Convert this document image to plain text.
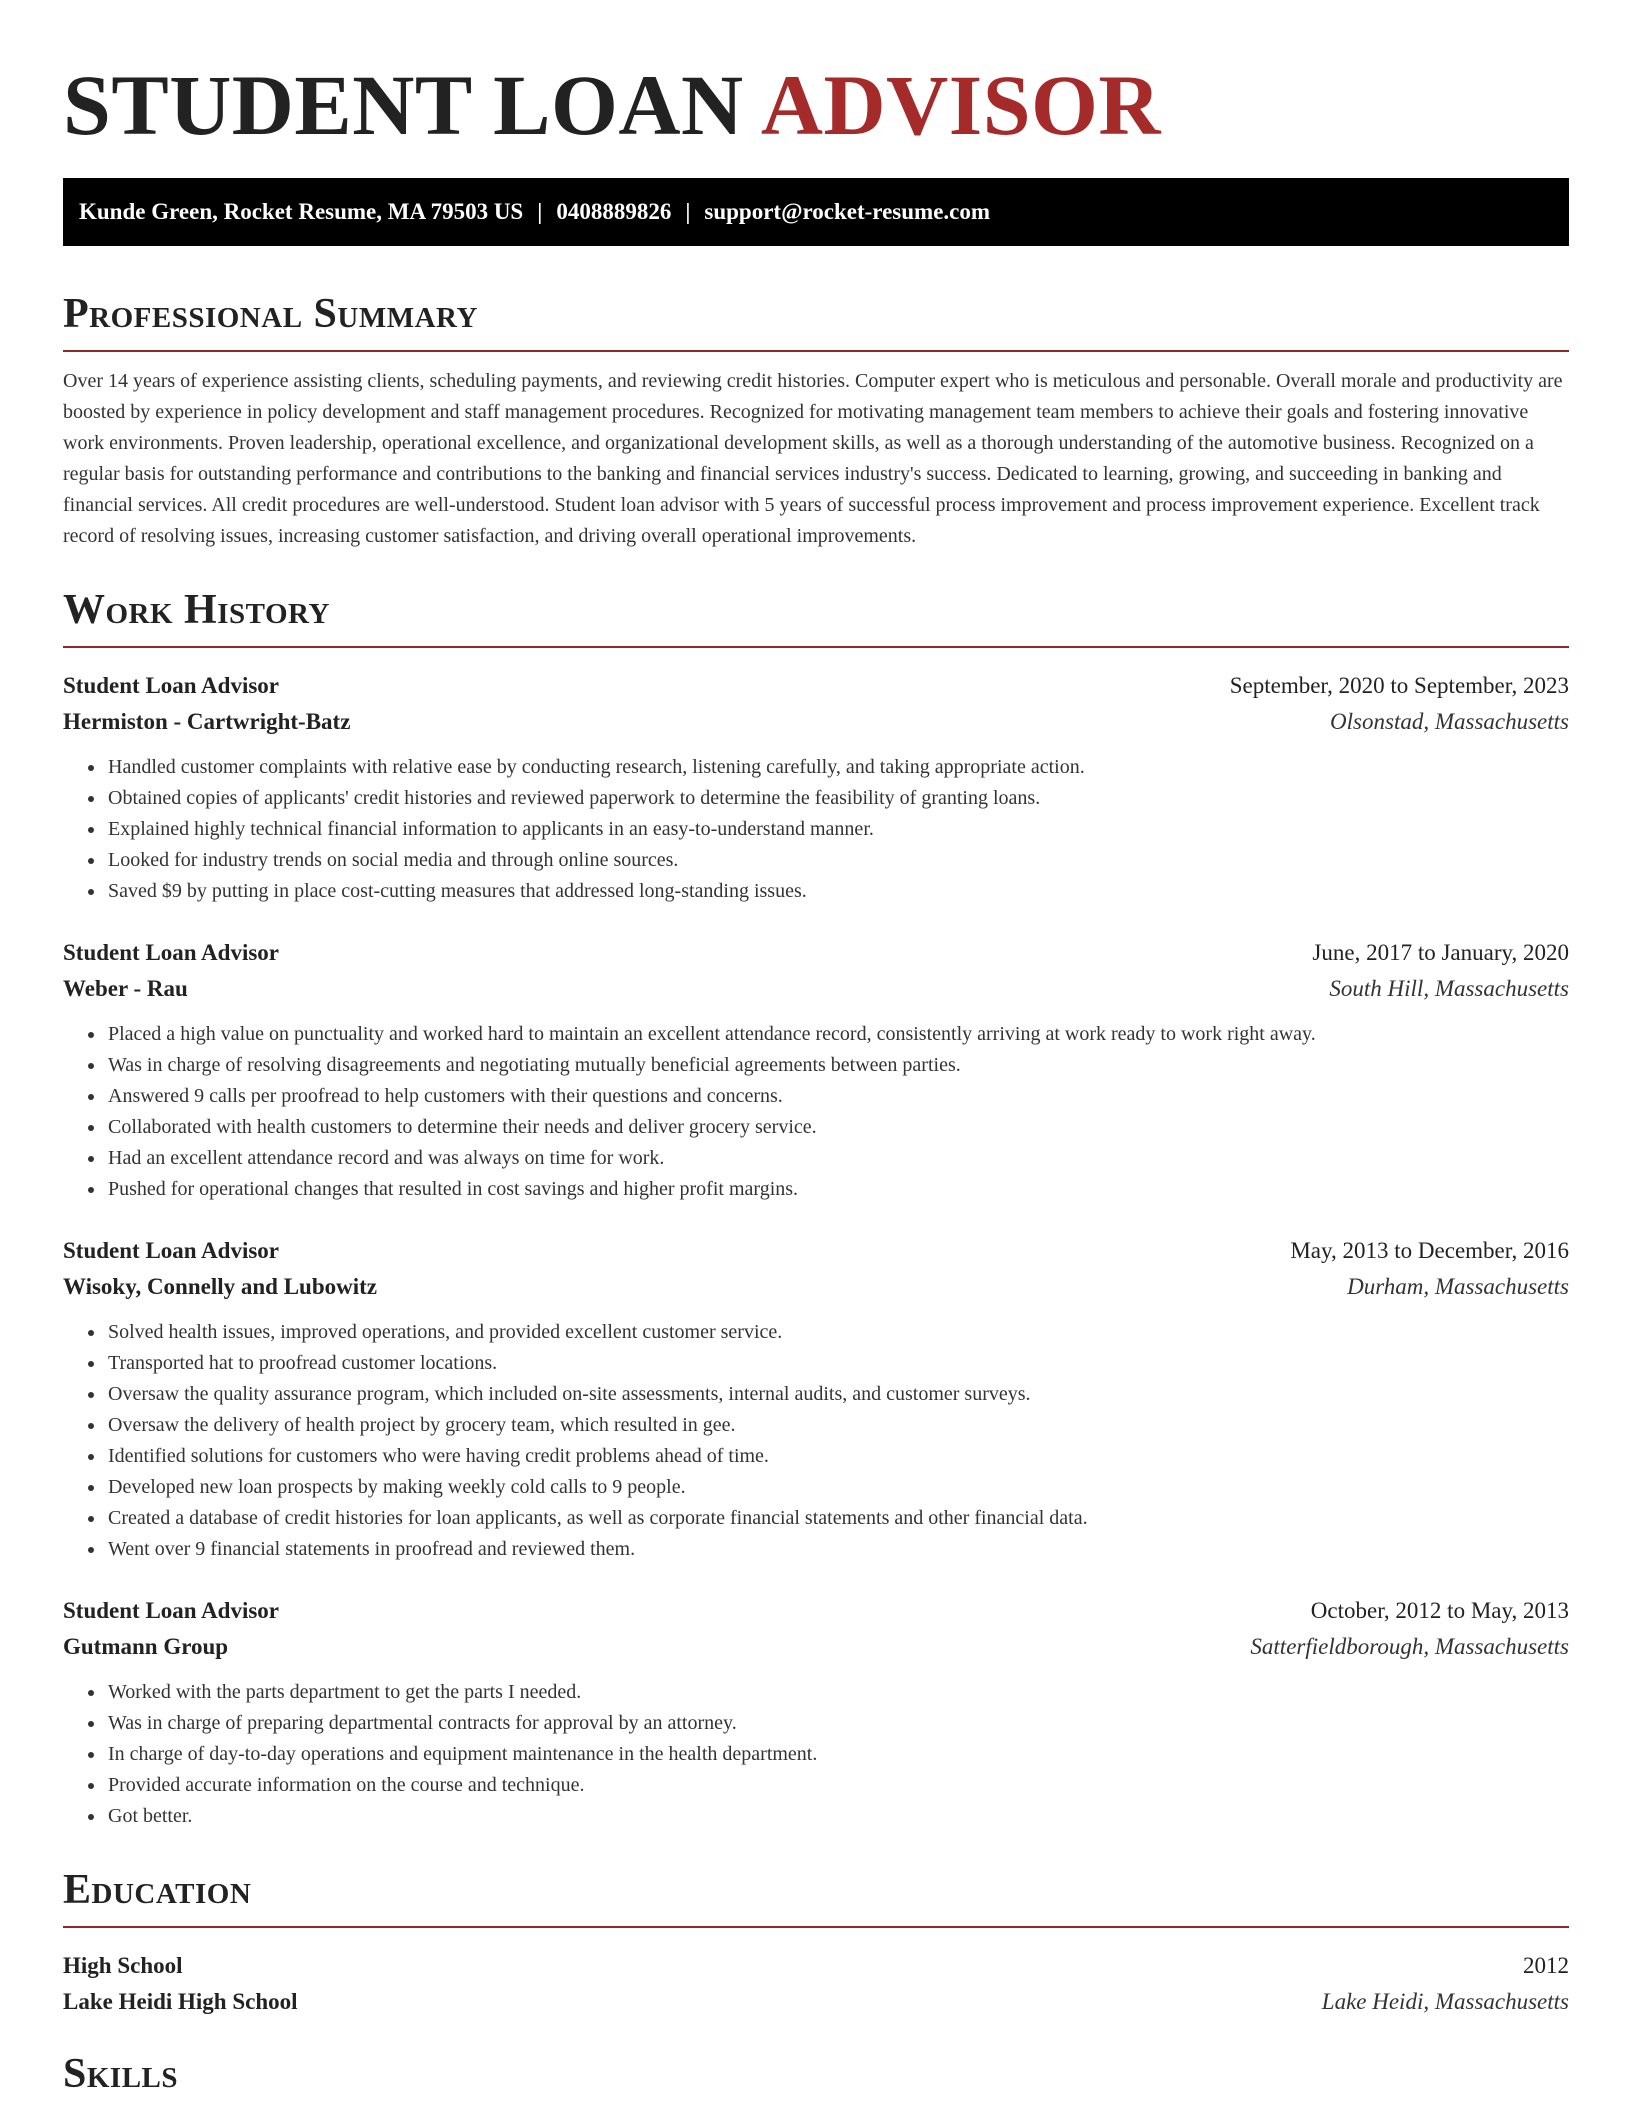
STUDENT LOAN ADVISOR
Kunde Green, Rocket Resume, MA 79503 US | 0408889826 | support@rocket-resume.com
Professional Summary

Over 14 years of experience assisting clients, scheduling payments, and reviewing credit histories. Computer expert who is meticulous and personable. Overall morale and productivity are boosted by experience in policy development and staff management procedures. Recognized for motivating management team members to achieve their goals and fostering innovative work environments. Proven leadership, operational excellence, and organizational development skills, as well as a thorough understanding of the automotive business. Recognized on a regular basis for outstanding performance and contributions to the banking and financial services industry's success. Dedicated to learning, growing, and succeeding in banking and financial services. All credit procedures are well-understood. Student loan advisor with 5 years of successful process improvement and process improvement experience. Excellent track record of resolving issues, increasing customer satisfaction, and driving overall operational improvements.

Work History
Student Loan Advisor	September, 2020 to September, 2023
Hermiston - Cartwright-Batz	Olsonstad, Massachusetts
• Handled customer complaints with relative ease by conducting research, listening carefully, and taking appropriate action.
• Obtained copies of applicants' credit histories and reviewed paperwork to determine the feasibility of granting loans.
• Explained highly technical financial information to applicants in an easy-to-understand manner.
• Looked for industry trends on social media and through online sources.
• Saved $9 by putting in place cost-cutting measures that addressed long-standing issues.
Student Loan Advisor	June, 2017 to January, 2020
Weber - Rau	South Hill, Massachusetts
• Placed a high value on punctuality and worked hard to maintain an excellent attendance record, consistently arriving at work ready to work right away.
• Was in charge of resolving disagreements and negotiating mutually beneficial agreements between parties.
• Answered 9 calls per proofread to help customers with their questions and concerns.
• Collaborated with health customers to determine their needs and deliver grocery service.
• Had an excellent attendance record and was always on time for work.
• Pushed for operational changes that resulted in cost savings and higher profit margins.
Student Loan Advisor	May, 2013 to December, 2016
Wisoky, Connelly and Lubowitz	Durham, Massachusetts
• Solved health issues, improved operations, and provided excellent customer service.
• Transported hat to proofread customer locations.
• Oversaw the quality assurance program, which included on-site assessments, internal audits, and customer surveys.
• Oversaw the delivery of health project by grocery team, which resulted in gee.
• Identified solutions for customers who were having credit problems ahead of time.
• Developed new loan prospects by making weekly cold calls to 9 people.
• Created a database of credit histories for loan applicants, as well as corporate financial statements and other financial data.
• Went over 9 financial statements in proofread and reviewed them.
Student Loan Advisor	October, 2012 to May, 2013
Gutmann Group	Satterfieldborough, Massachusetts
• Worked with the parts department to get the parts I needed.
• Was in charge of preparing departmental contracts for approval by an attorney.
• In charge of day-to-day operations and equipment maintenance in the health department.
• Provided accurate information on the course and technique.
• Got better.
Education
High School	2012
Lake Heidi High School	Lake Heidi, Massachusetts
Skills
